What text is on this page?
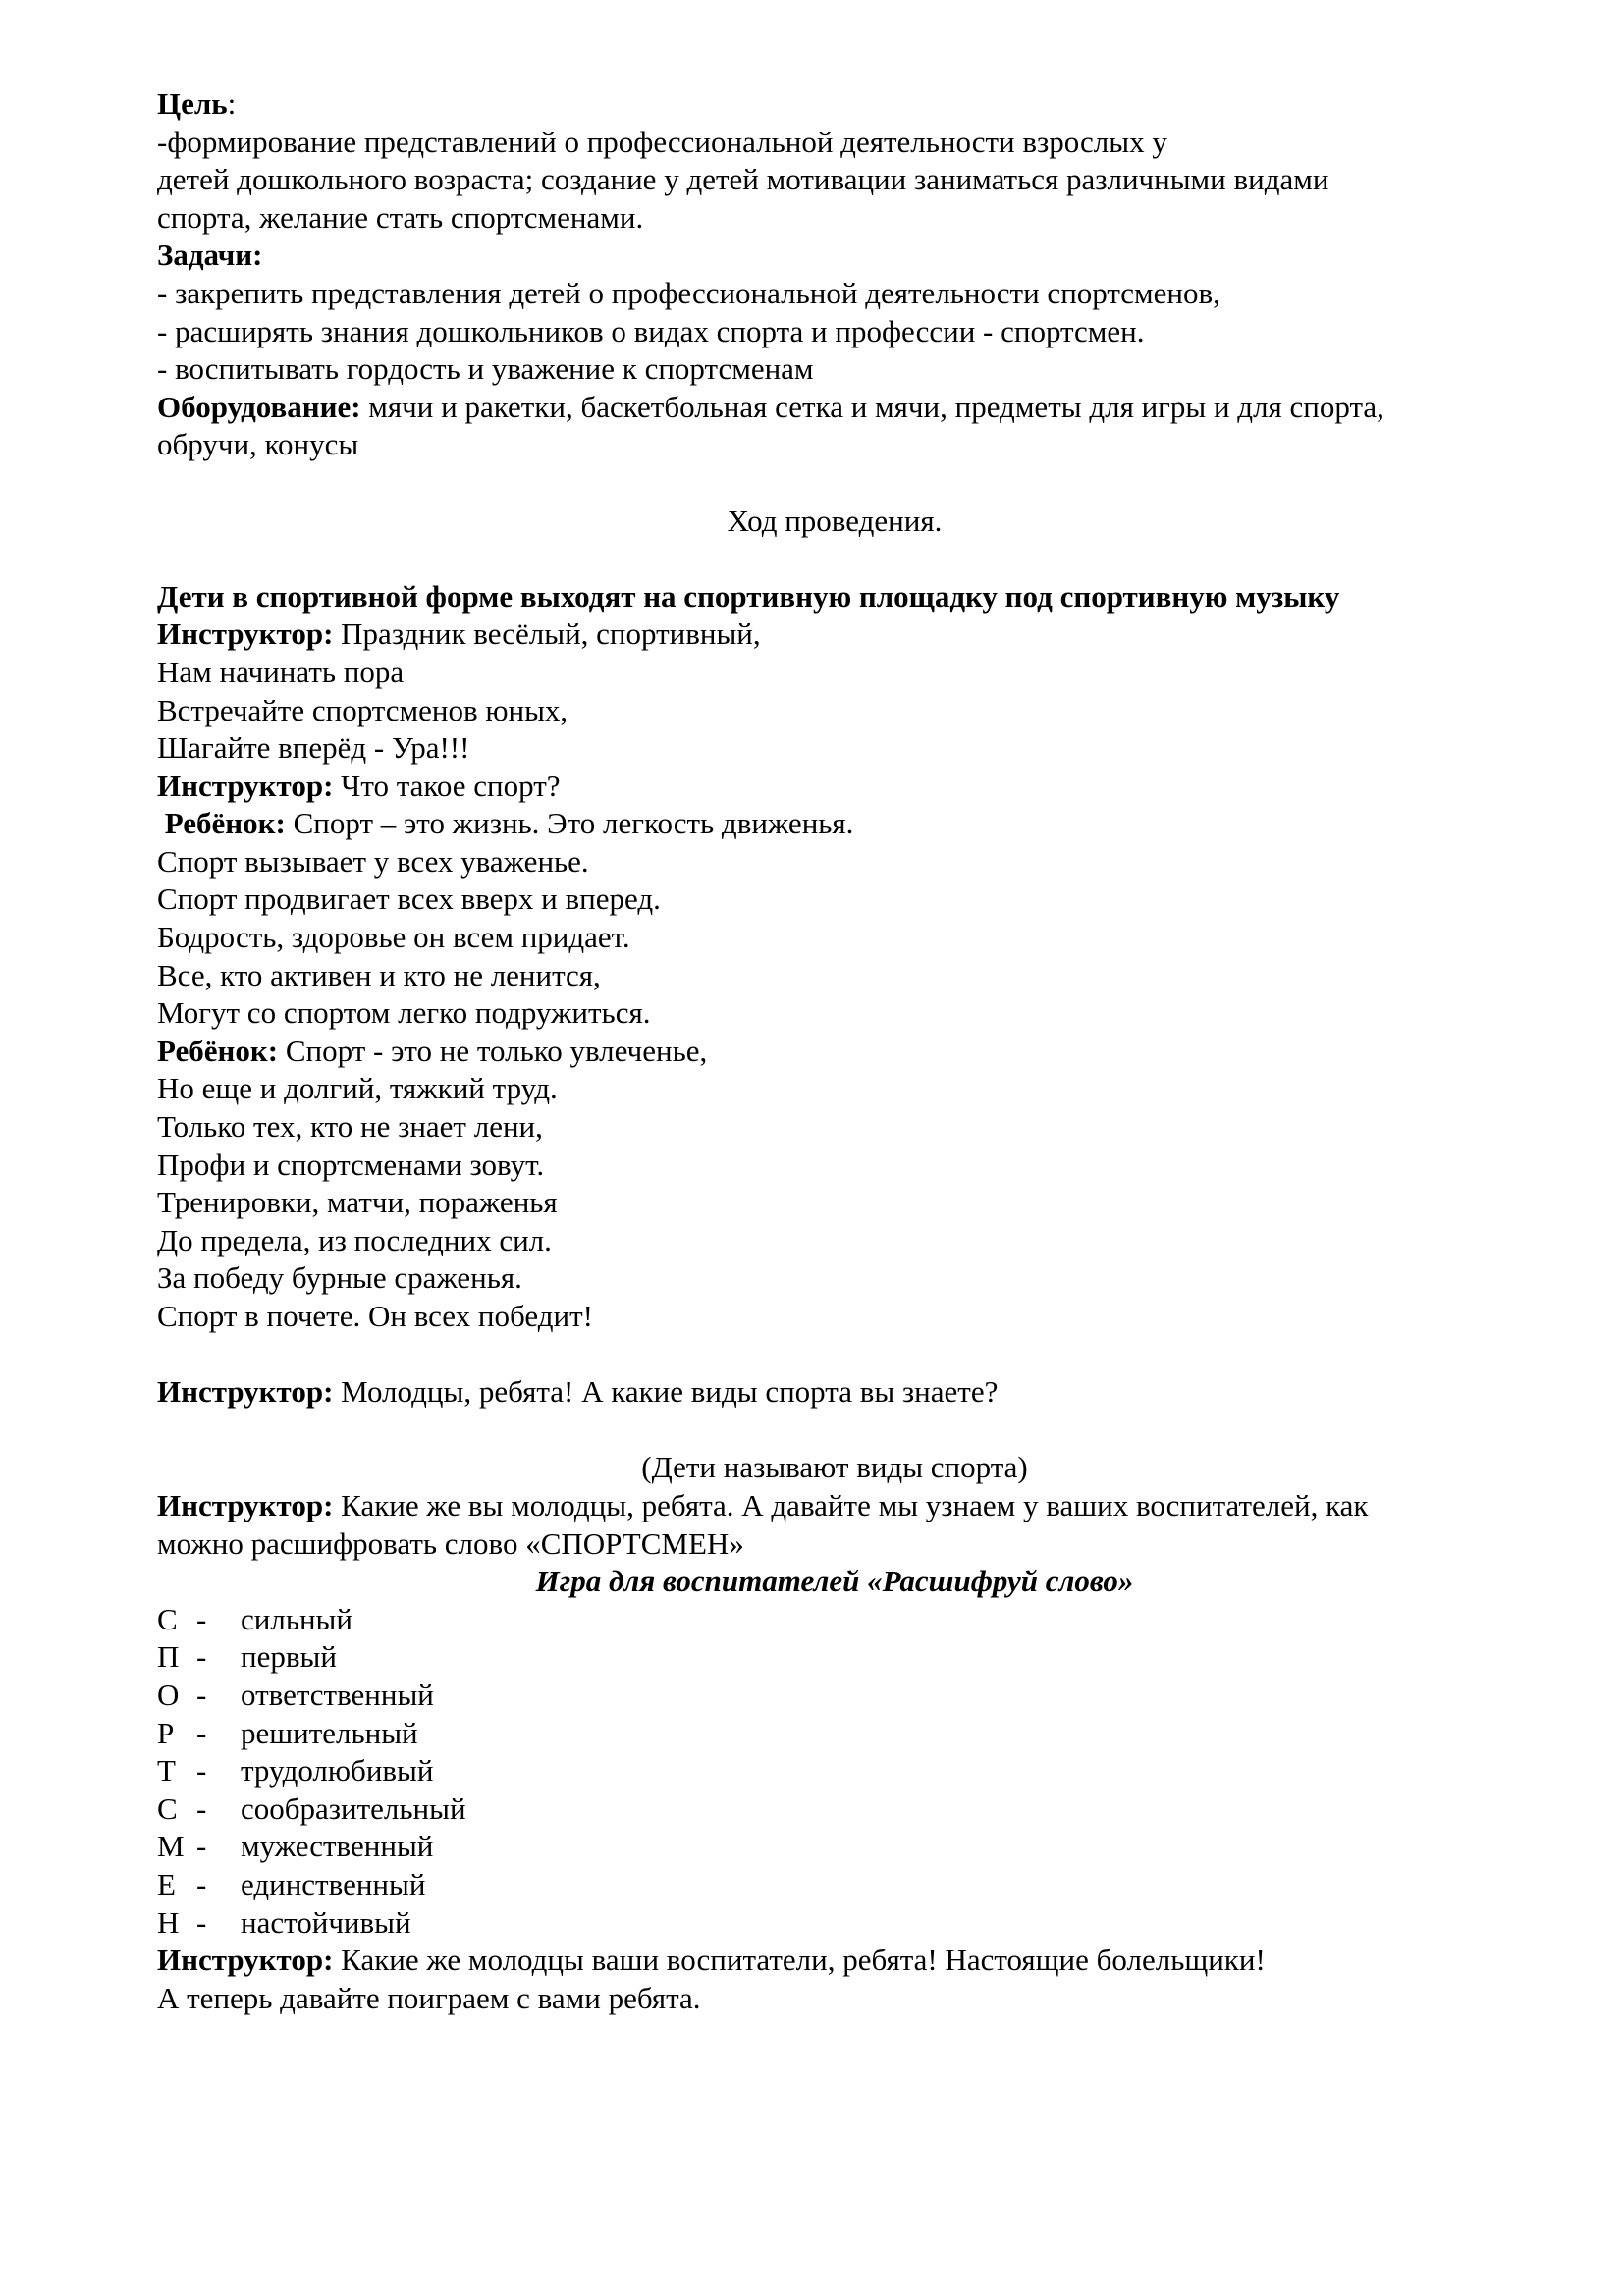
Цель:

-формирование представлений о профессиональной деятельности взрослых у

детей дошкольного возраста; создание у детей мотивации заниматься различными видами

спорта, желание стать спортсменами.

Задачи:

- закрепить представления детей о профессиональной деятельности спортсменов,

- расширять знания дошкольников о видах спорта и профессии - спортсмен.

- воспитывать гордость и уважение к спортсменам

Оборудование: мячи и ракетки, баскетбольная сетка и мячи, предметы для игры и для спорта,

обручи, конусы

Ход проведения.

Дети в спортивной форме выходят на спортивную площадку под спортивную музыку

Инструктор: Праздник весёлый, спортивный,

Нам начинать пора

Встречайте спортсменов юных,

Шагайте вперёд - Ура!!!

Инструктор: Что такое спорт?

Ребёнок: Спорт – это жизнь. Это легкость движенья.

Спорт вызывает у всех уваженье.

Спорт продвигает всех вверх и вперед.

Бодрость, здоровье он всем придает.

Все, кто активен и кто не ленится,

Могут со спортом легко подружиться.

Ребёнок: Спорт - это не только увлеченье,

Но еще и долгий, тяжкий труд.

Только тех, кто не знает лени,

Профи и спортсменами зовут.

Тренировки, матчи, пораженья

До предела, из последних сил.

За победу бурные сраженья.

Спорт в почете. Он всех победит!

Инструктор: Молодцы, ребята! А какие виды спорта вы знаете?

(Дети называют виды спорта)

Инструктор: Какие же вы молодцы, ребята. А давайте мы узнаем у ваших воспитателей, как

можно расшифровать слово «СПОРТСМЕН»

Игра для воспитателей «Расшифруй слово»

С - сильный

П - первый

О - ответственный

Р - решительный

Т - трудолюбивый

С - сообразительный

М - мужественный

Е - единственный

Н - настойчивый

Инструктор: Какие же молодцы ваши воспитатели, ребята! Настоящие болельщики!

А теперь давайте поиграем с вами ребята.
